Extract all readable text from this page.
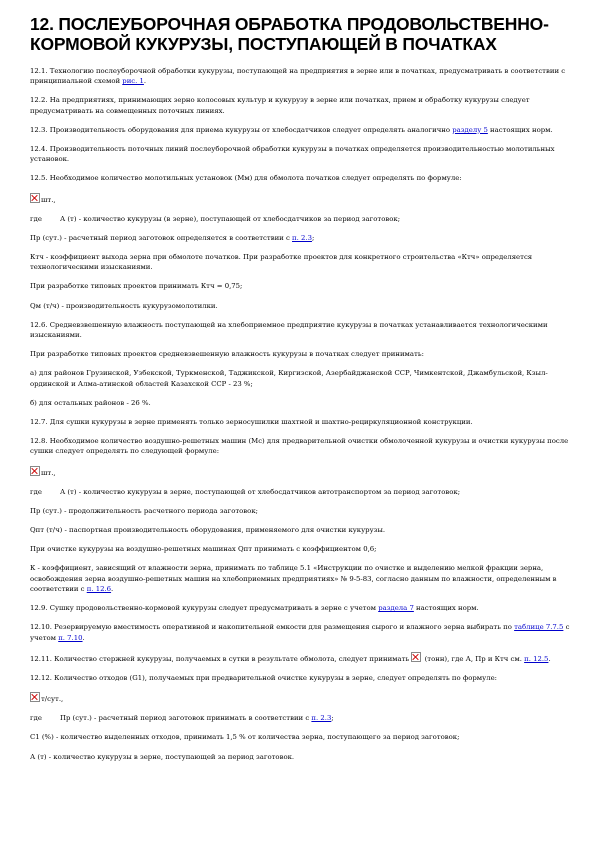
12. ПОСЛЕУБОРОЧНАЯ ОБРАБОТКА ПРОДОВОЛЬСТВЕННО-КОРМОВОЙ КУКУРУЗЫ, ПОСТУПАЮЩЕЙ В ПОЧАТКАХ

12.1. Технологию послеуборочной обработки кукурузы, поступающей на предприятия в зерне или в початках, предусматривать в соответствии с принципиальной схемой рис. 1.

12.2. На предприятиях, принимающих зерно колосовых культур и кукурузу в зерне или початках, прием и обработку кукурузы следует предусматривать на совмещенных поточных линиях.

12.3. Производительность оборудования для приема кукурузы от хлебосдатчиков следует определять аналогично разделу 5 настоящих норм.

12.4. Производительность поточных линий послеуборочной обработки кукурузы в початках определяется производительностью молотильных установок.

12.5. Необходимое количество молотильных установок (Мм) для обмолота початков следует определять по формуле:

шт.,

где	А (т) - количество кукурузы (в зерне), поступающей от хлебосдатчиков за период заготовок;

Пр (сут.) - расчетный период заготовок определяется в соответствии с п. 2.3;

Ктч - коэффициент выхода зерна при обмолоте початков. При разработке проектов для конкретного строительства «Ктч» определяется технологическими изысканиями.

При разработке типовых проектов принимать Ктч = 0,75;

Qм (т/ч) - производительность кукурузомолотилки.

12.6. Средневзвешенную влажность поступающей на хлебоприемное предприятие кукурузы в початках устанавливается технологическими изысканиями.

При разработке типовых проектов средневзвешенную влажность кукурузы в початках следует принимать:

а) для районов Грузинской, Узбекской, Туркменской, Таджикской, Киргизской, Азербайджанской ССР, Чимкентской, Джамбульской, Кзыл-ординской и Алма-атинской областей Казахской ССР - 23 %;

б) для остальных районов - 26 %.

12.7. Для сушки кукурузы в зерне применять только зерносушилки шахтной и шахтно-рециркуляционной конструкции.

12.8. Необходимое количество воздушно-решетных машин (Мс) для предварительной очистки обмолоченной кукурузы и очистки кукурузы после сушки следует определять по следующей формуле:

шт.,

где	А (т) - количество кукурузы в зерне, поступающей от хлебосдатчиков автотранспортом за период заготовок;

Пр (сут.) - продолжительность расчетного периода заготовок;

Qпт (т/ч) - паспортная производительность оборудования, применяемого для очистки кукурузы.

При очистке кукурузы на воздушно-решетных машинах Qпт принимать с коэффициентом 0,6;

К - коэффициент, зависящий от влажности зерна, принимать по таблице 5.1 «Инструкции по очистке и выделению мелкой фракции зерна, освобождения зерна воздушно-решетных машин на хлебоприемных предприятиях» № 9-5-83, согласно данным по влажности, определенным в соответствии с п. 12.6.

12.9. Сушку продовольственно-кормовой кукурузы следует предусматривать в зерне с учетом раздела 7 настоящих норм.

12.10. Резервируемую вместимость оперативной и накопительной емкости для размещения сырого и влажного зерна выбирать по таблице 7.7.5 с учетом п. 7.10.

12.11. Количество стержней кукурузы, получаемых в сутки в результате обмолота, следует принимать  (тонн), где А, Пр и Ктч см. п. 12.5.

12.12. Количество отходов (G1), получаемых при предварительной очистке кукурузы в зерне, следует определять по формуле:

т/сут.,

где	Пр (сут.) - расчетный период заготовок принимать в соответствии с п. 2.3;

С1 (%) - количество выделенных отходов, принимать 1,5 % от количества зерна, поступающего за период заготовок;

А (т) - количество кукурузы в зерне, поступающей за период заготовок.
